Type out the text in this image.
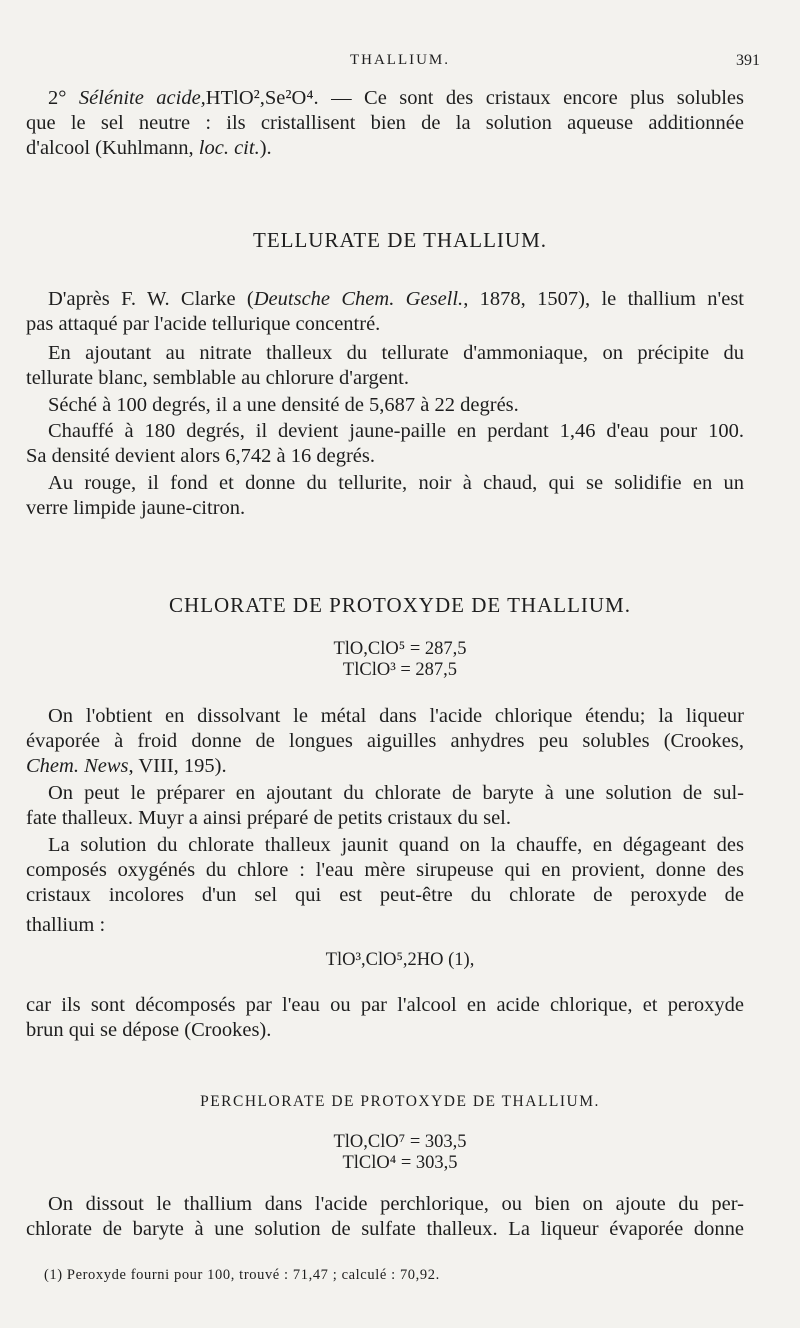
THALLIUM.	391
2° Sélénite acide,HTlO²,Se²O⁴. — Ce sont des cristaux encore plus solubles
que le sel neutre : ils cristallisent bien de la solution aqueuse additionnée
d'alcool (Kuhlmann, loc. cit.).
TELLURATE DE THALLIUM.
D'après F. W. Clarke (Deutsche Chem. Gesell., 1878, 1507), le thallium n'est
pas attaqué par l'acide tellurique concentré.
En ajoutant au nitrate thalleux du tellurate d'ammoniaque, on précipite du
tellurate blanc, semblable au chlorure d'argent.
Séché à 100 degrés, il a une densité de 5,687 à 22 degrés.
Chauffé à 180 degrés, il devient jaune-paille en perdant 1,46 d'eau pour 100.
Sa densité devient alors 6,742 à 16 degrés.
Au rouge, il fond et donne du tellurite, noir à chaud, qui se solidifie en un
verre limpide jaune-citron.
CHLORATE DE PROTOXYDE DE THALLIUM.
TlO,ClO⁵ = 287,5
TlClO³ = 287,5
On l'obtient en dissolvant le métal dans l'acide chlorique étendu; la liqueur
évaporée à froid donne de longues aiguilles anhydres peu solubles (Crookes,
Chem. News, VIII, 195).
On peut le préparer en ajoutant du chlorate de baryte à une solution de sul-
fate thalleux. Muyr a ainsi préparé de petits cristaux du sel.
La solution du chlorate thalleux jaunit quand on la chauffe, en dégageant des
composés oxygénés du chlore : l'eau mère sirupeuse qui en provient, donne des
cristaux incolores d'un sel qui est peut-être du chlorate de peroxyde de
thallium :
TlO³,ClO⁵,2HO (1),
car ils sont décomposés par l'eau ou par l'alcool en acide chlorique, et peroxyde
brun qui se dépose (Crookes).
PERCHLORATE DE PROTOXYDE DE THALLIUM.
TlO,ClO⁷ = 303,5
TlClO⁴ = 303,5
On dissout le thallium dans l'acide perchlorique, ou bien on ajoute du per-
chlorate de baryte à une solution de sulfate thalleux. La liqueur évaporée donne
(1) Peroxyde fourni pour 100, trouvé : 71,47 ; calculé : 70,92.
